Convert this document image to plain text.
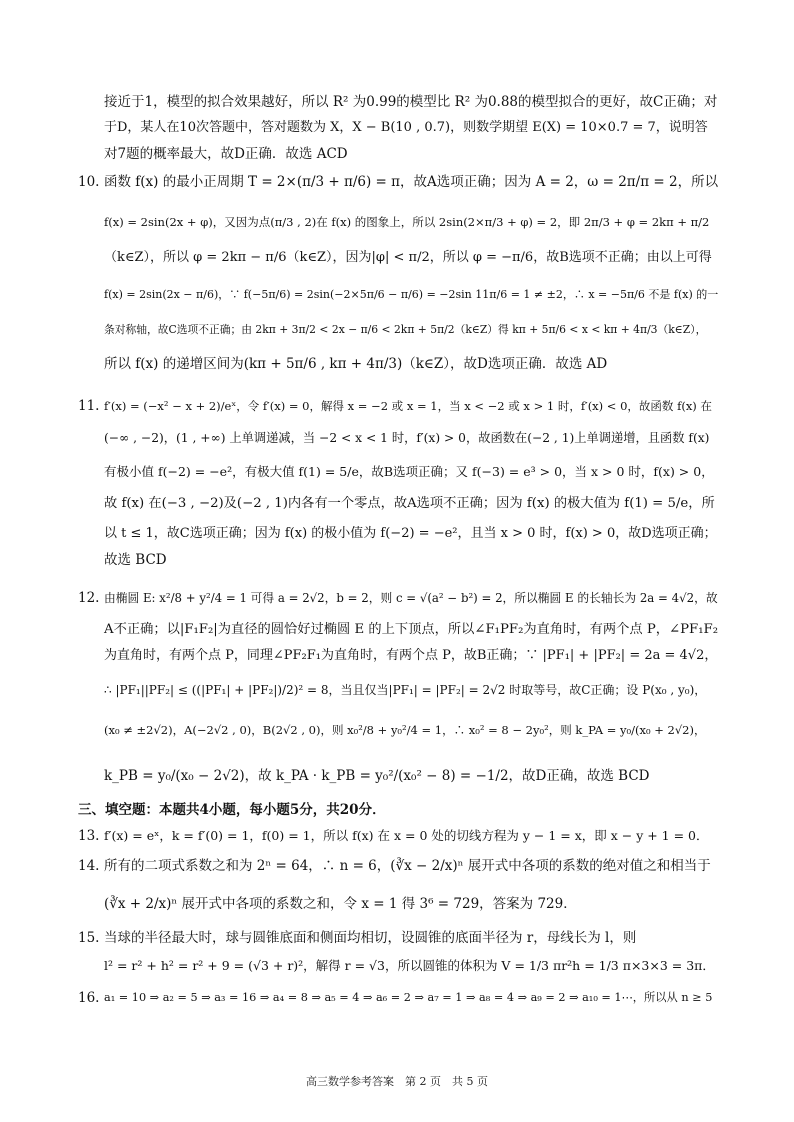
接近于1，模型的拟合效果越好，所以 R² 为0.99的模型比 R² 为0.88的模型拟合的更好，故C正确；对
于D，某人在10次答题中，答对题数为 X，X − B(10 , 0.7)，则数学期望 E(X) = 10×0.7 = 7，说明答
对7题的概率最大，故D正确．故选 ACD
10. 函数 f(x) 的最小正周期 T = 2×(π/3 + π/6) = π，故A选项正确；因为 A = 2，ω = 2π/π = 2，所以
f(x) = 2sin(2x + φ)，又因为点(π/3 , 2)在 f(x) 的图象上，所以 2sin(2×π/3 + φ) = 2，即 2π/3 + φ = 2kπ + π/2
（k∈Z），所以 φ = 2kπ − π/6（k∈Z），因为|φ| < π/2，所以 φ = −π/6，故B选项不正确；由以上可得
f(x) = 2sin(2x − π/6)，∵ f(−5π/6) = 2sin(−2×5π/6 − π/6) = −2sin 11π/6 = 1 ≠ ±2，∴ x = −5π/6 不是 f(x) 的一
条对称轴，故C选项不正确；由 2kπ + 3π/2 < 2x − π/6 < 2kπ + 5π/2（k∈Z）得 kπ + 5π/6 < x < kπ + 4π/3（k∈Z），
所以 f(x) 的递增区间为(kπ + 5π/6 , kπ + 4π/3)（k∈Z），故D选项正确．故选 AD
11. f′(x) = (−x² − x + 2)/eˣ，令 f′(x) = 0，解得 x = −2 或 x = 1，当 x < −2 或 x > 1 时，f′(x) < 0，故函数 f(x) 在
(−∞ , −2)，(1 , +∞) 上单调递减，当 −2 < x < 1 时，f′(x) > 0，故函数在(−2 , 1)上单调递增，且函数 f(x)
有极小值 f(−2) = −e²，有极大值 f(1) = 5/e，故B选项正确；又 f(−3) = e³ > 0，当 x > 0 时，f(x) > 0，
故 f(x) 在(−3 , −2)及(−2 , 1)内各有一个零点，故A选项不正确；因为 f(x) 的极大值为 f(1) = 5/e，所
以 t ≤ 1，故C选项正确；因为 f(x) 的极小值为 f(−2) = −e²，且当 x > 0 时，f(x) > 0，故D选项正确；
故选 BCD
12. 由椭圆 E: x²/8 + y²/4 = 1 可得 a = 2√2，b = 2，则 c = √(a² − b²) = 2，所以椭圆 E 的长轴长为 2a = 4√2，故
A不正确；以|F₁F₂|为直径的圆恰好过椭圆 E 的上下顶点，所以∠F₁PF₂为直角时，有两个点 P，∠PF₁F₂
为直角时，有两个点 P，同理∠PF₂F₁为直角时，有两个点 P，故B正确；∵ |PF₁| + |PF₂| = 2a = 4√2，
∴ |PF₁||PF₂| ≤ ((|PF₁| + |PF₂|)/2)² = 8，当且仅当|PF₁| = |PF₂| = 2√2 时取等号，故C正确；设 P(x₀ , y₀)，
(x₀ ≠ ±2√2)，A(−2√2 , 0)，B(2√2 , 0)，则 x₀²/8 + y₀²/4 = 1，∴ x₀² = 8 − 2y₀²，则 k_PA = y₀/(x₀ + 2√2)，
k_PB = y₀/(x₀ − 2√2)，故 k_PA · k_PB = y₀²/(x₀² − 8) = −1/2，故D正确，故选 BCD
三、填空题：本题共4小题，每小题5分，共20分．
13. f′(x) = eˣ，k = f′(0) = 1，f(0) = 1，所以 f(x) 在 x = 0 处的切线方程为 y − 1 = x，即 x − y + 1 = 0．
14. 所有的二项式系数之和为 2ⁿ = 64，∴ n = 6，(∛x − 2/x)ⁿ 展开式中各项的系数的绝对值之和相当于
(∛x + 2/x)ⁿ 展开式中各项的系数之和，令 x = 1 得 3⁶ = 729，答案为 729．
15. 当球的半径最大时，球与圆锥底面和侧面均相切，设圆锥的底面半径为 r，母线长为 l，则
l² = r² + h² = r² + 9 = (√3 + r)²，解得 r = √3，所以圆锥的体积为 V = 1/3 πr²h = 1/3 π×3×3 = 3π．
16. a₁ = 10 ⇒ a₂ = 5 ⇒ a₃ = 16 ⇒ a₄ = 8 ⇒ a₅ = 4 ⇒ a₆ = 2 ⇒ a₇ = 1 ⇒ a₈ = 4 ⇒ a₉ = 2 ⇒ a₁₀ = 1⋯，所以从 n ≥ 5
高三数学参考答案　第 2 页　共 5 页
